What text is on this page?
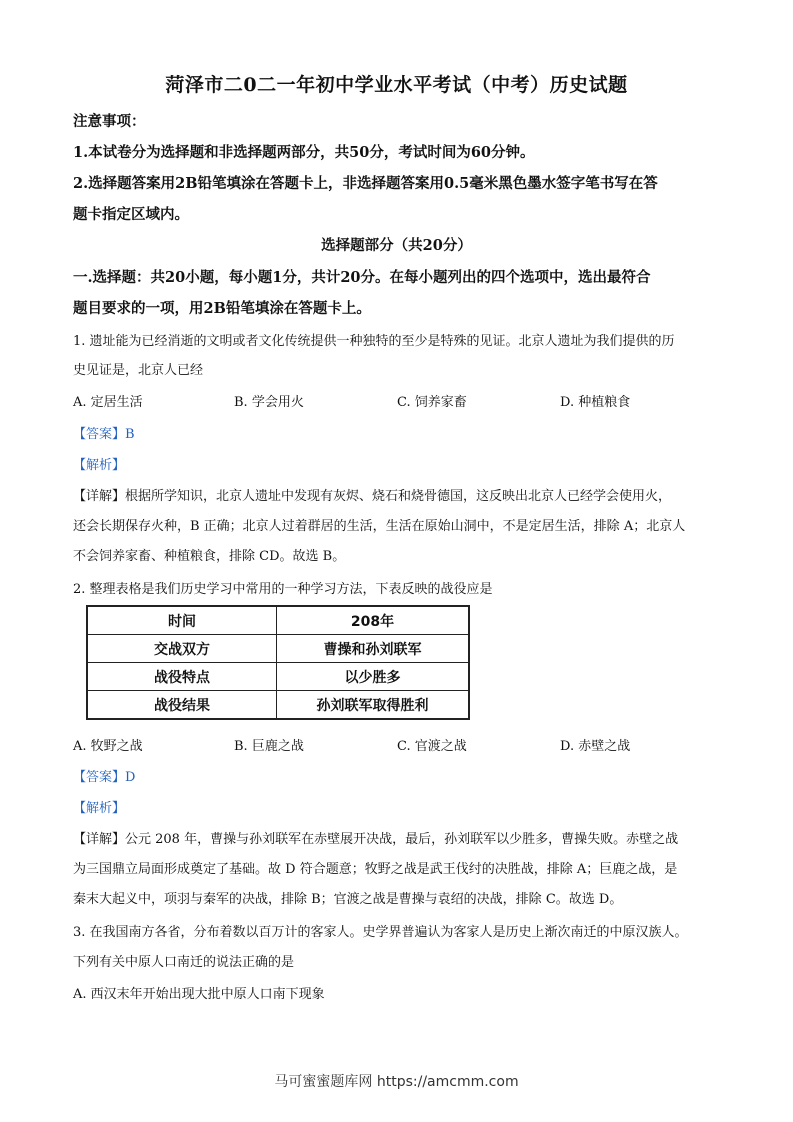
菏泽市二0二一年初中学业水平考试（中考）历史试题
注意事项：
1.本试卷分为选择题和非选择题两部分，共50分，考试时间为60分钟。
2.选择题答案用2B铅笔填涂在答题卡上，非选择题答案用0.5毫米黑色墨水签字笔书写在答
题卡指定区域内。
选择题部分（共20分）
一.选择题：共20小题，每小题1分，共计20分。在每小题列出的四个选项中，选出最符合
题目要求的一项，用2B铅笔填涂在答题卡上。
1. 遗址能为已经消逝的文明或者文化传统提供一种独特的至少是特殊的见证。北京人遗址为我们提供的历
史见证是，北京人已经
A. 定居生活	B. 学会用火	C. 饲养家畜	D. 种植粮食
【答案】B
【解析】
【详解】根据所学知识，北京人遗址中发现有灰烬、烧石和烧骨德国，这反映出北京人已经学会使用火，
还会长期保存火种，B 正确；北京人过着群居的生活，生活在原始山洞中，不是定居生活，排除 A；北京人
不会饲养家畜、种植粮食，排除 CD。故选 B。
2. 整理表格是我们历史学习中常用的一种学习方法，下表反映的战役应是
时间	208年
交战双方	曹操和孙刘联军
战役特点	以少胜多
战役结果	孙刘联军取得胜利
A. 牧野之战	B. 巨鹿之战	C. 官渡之战	D. 赤壁之战
【答案】D
【解析】
【详解】公元 208 年，曹操与孙刘联军在赤壁展开决战，最后，孙刘联军以少胜多，曹操失败。赤壁之战
为三国鼎立局面形成奠定了基础。故 D 符合题意；牧野之战是武王伐纣的决胜战，排除 A；巨鹿之战，是
秦末大起义中，项羽与秦军的决战，排除 B；官渡之战是曹操与袁绍的决战，排除 C。故选 D。
3. 在我国南方各省，分布着数以百万计的客家人。史学界普遍认为客家人是历史上渐次南迁的中原汉族人。
下列有关中原人口南迁的说法正确的是
A. 西汉末年开始出现大批中原人口南下现象
马可蜜蜜题库网 https://amcmm.com
